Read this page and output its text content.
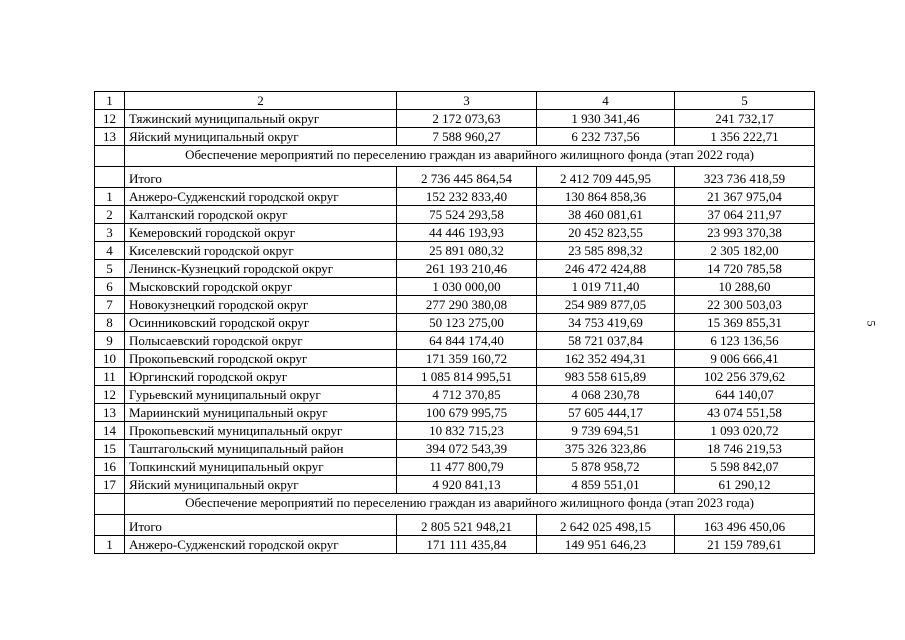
1	2	3	4	5
12	Тяжинский муниципальный округ	2 172 073,63	1 930 341,46	241 732,17
13	Яйский муниципальный округ	7 588 960,27	6 232 737,56	1 356 222,71
	Обеспечение мероприятий по переселению граждан из аварийного жилищного фонда (этап 2022 года)			
	Итого	2 736 445 864,54	2 412 709 445,95	323 736 418,59
1	Анжеро-Судженский городской округ	152 232 833,40	130 864 858,36	21 367 975,04
2	Калтанский городской округ	75 524 293,58	38 460 081,61	37 064 211,97
3	Кемеровский городской округ	44 446 193,93	20 452 823,55	23 993 370,38
4	Киселевский городской округ	25 891 080,32	23 585 898,32	2 305 182,00
5	Ленинск-Кузнецкий городской округ	261 193 210,46	246 472 424,88	14 720 785,58
6	Мысковский городской округ	1 030 000,00	1 019 711,40	10 288,60
7	Новокузнецкий городской округ	277 290 380,08	254 989 877,05	22 300 503,03
8	Осинниковский городской округ	50 123 275,00	34 753 419,69	15 369 855,31
9	Полысаевский городской округ	64 844 174,40	58 721 037,84	6 123 136,56
10	Прокопьевский городской округ	171 359 160,72	162 352 494,31	9 006 666,41
11	Юргинский городской округ	1 085 814 995,51	983 558 615,89	102 256 379,62
12	Гурьевский муниципальный округ	4 712 370,85	4 068 230,78	644 140,07
13	Мариинский муниципальный округ	100 679 995,75	57 605 444,17	43 074 551,58
14	Прокопьевский муниципальный округ	10 832 715,23	9 739 694,51	1 093 020,72
15	Таштагольский муниципальный район	394 072 543,39	375 326 323,86	18 746 219,53
16	Топкинский муниципальный округ	11 477 800,79	5 878 958,72	5 598 842,07
17	Яйский муниципальный округ	4 920 841,13	4 859 551,01	61 290,12
	Обеспечение мероприятий по переселению граждан из аварийного жилищного фонда (этап 2023 года)			
	Итого	2 805 521 948,21	2 642 025 498,15	163 496 450,06
1	Анжеро-Судженский городской округ	171 111 435,84	149 951 646,23	21 159 789,61
5
